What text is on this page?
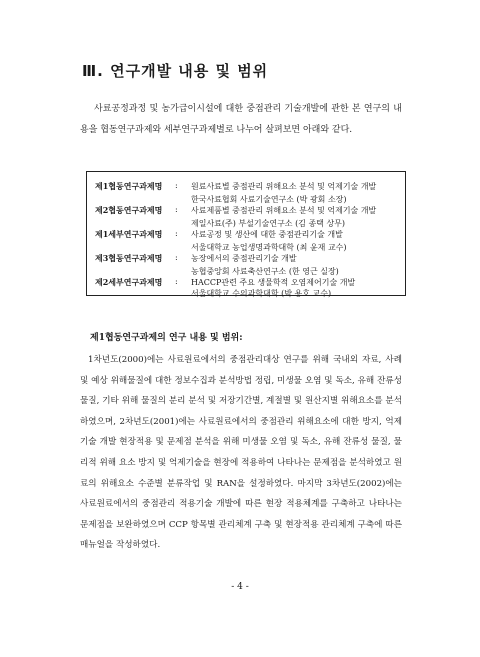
Ⅲ. 연구개발 내용 및 범위
사료공정과정 및 농가급이시설에 대한 중점관리 기술개발에 관한 본 연구의 내용을 협동연구과제와 세부연구과제별로 나누어 살펴보면 아래와 같다.
제1협동연구과제명	: 원료사료별 중점관리 위해요소 분석 및 억제기술 개발
한국사료협회 사료기술연구소 (박 광회 소장)
제2협동연구과제명	: 사료제품별 중점관리 위해요소 분석 및 억제기술 개발
제일사료(주) 부설기술연구소 (김 종택 상무)
제1세부연구과제명	: 사료공정 및 생산에 대한 중점관리기술 개발
서울대학교 농업생명과학대학 (최 윤재 교수)
제3협동연구과제명	: 농장에서의 중점관리기술 개발
농협중앙회 사료축산연구소 (한 영근 실장)
제2세부연구과제명	: HACCP관련 주요 생물학적 오염제어기술 개발
서울대학교 수의과학대학 (박 용호 교수)
제1협동연구과제의 연구 내용 및 범위:
1차년도(2000)에는 사료원료에서의 중점관리대상 연구를 위해 국내외 자료, 사례 및 예상 위해물질에 대한 정보수집과 분석방법 정립, 미생물 오염 및 독소, 유해 잔류성 물질, 기타 위해 물질의 분리 분석 및 저장기간별, 계절별 및 원산지별 위해요소를 분석하였으며, 2차년도(2001)에는 사료원료에서의 중점관리 위해요소에 대한 방지, 억제기술 개발 현장적용 및 문제점 분석을 위해 미생물 오염 및 독소, 유해 잔류성 물질, 물리적 위해 요소 방지 및 억제기술을 현장에 적용하여 나타나는 문제점을 분석하였고 원료의 위해요소 수준별 분류작업 및 RAN을 설정하였다. 마지막 3차년도(2002)에는 사료원료에서의 중점관리 적용기술 개발에 따른 현장 적용체계를 구축하고 나타나는 문제점을 보완하였으며 CCP 항목별 관리체계 구축 및 현장적용 관리체계 구축에 따른 매뉴얼을 작성하였다.
- 4 -
